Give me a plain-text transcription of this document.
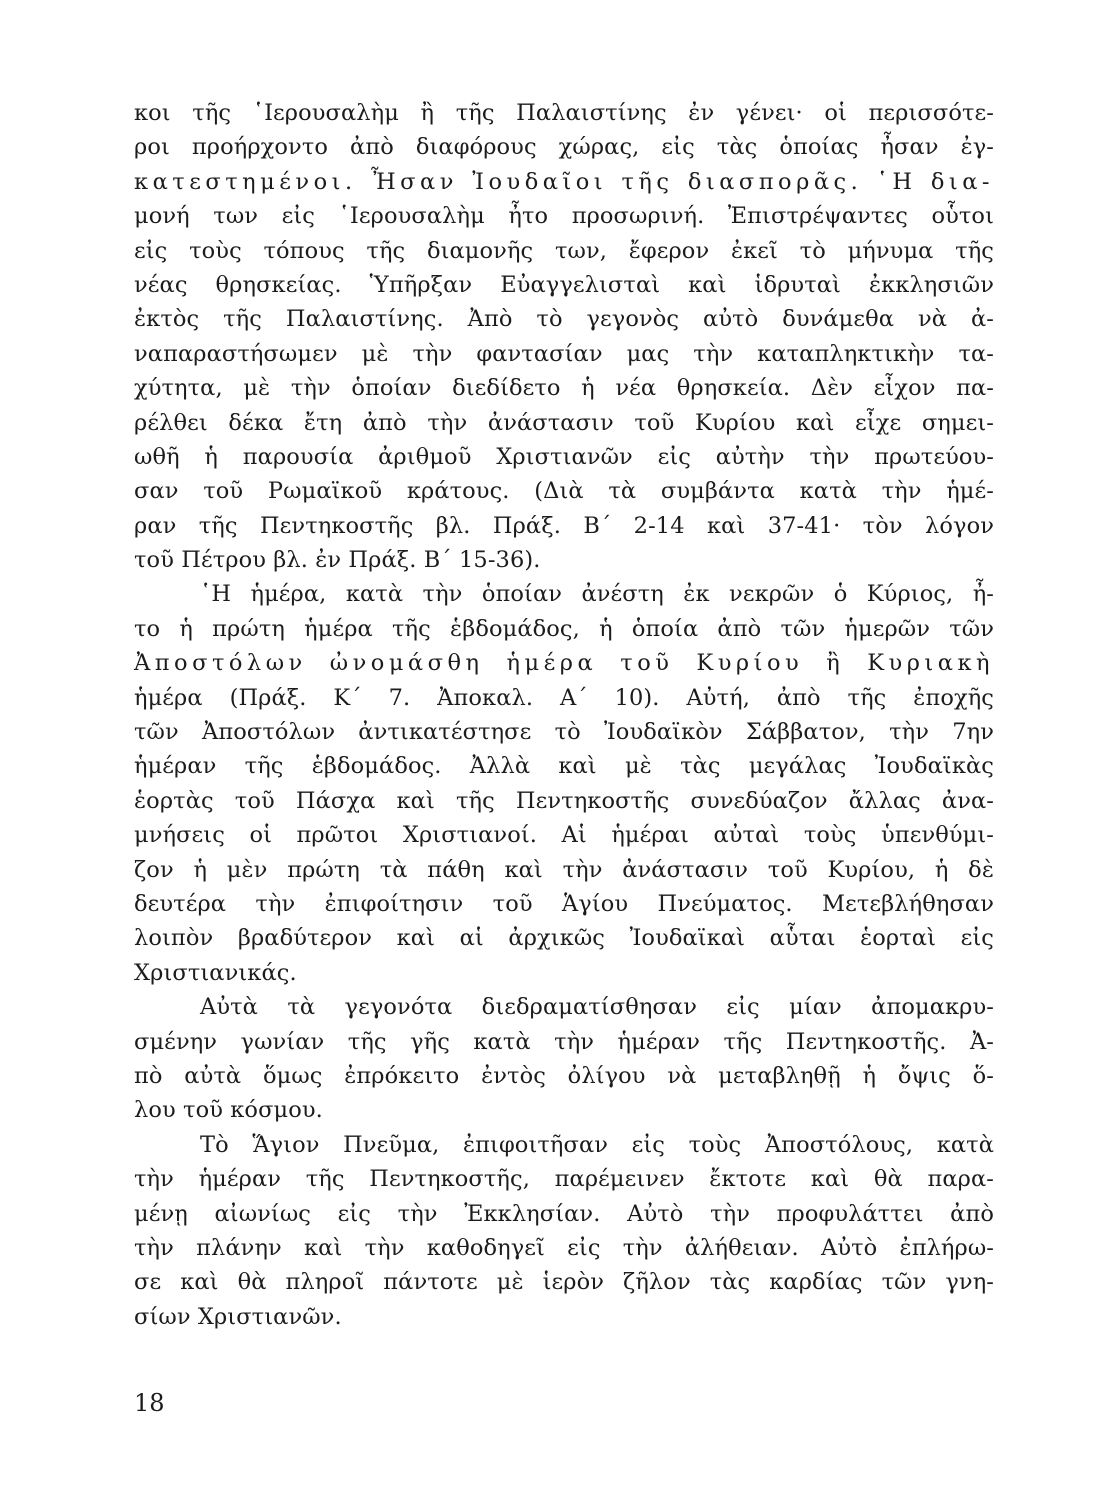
κοι τῆς ῾Ιερουσαλὴμ ἢ τῆς Παλαιστίνης ἐν γένει· οἱ περισσότε-
ροι προήρχοντο ἀπὸ διαφόρους χώρας, εἰς τὰς ὁποίας ἦσαν ἐγ-
κατεστημένοι. Ἦσαν Ἰουδαῖοι τῆς διασπορᾶς. ῾Η δια-
μονή των εἰς ῾Ιερουσαλὴμ ἦτο προσωρινή. Ἐπιστρέψαντες οὗτοι
εἰς τοὺς τόπους τῆς διαμονῆς των, ἔφερον ἐκεῖ τὸ μήνυμα τῆς
νέας θρησκείας. Ὑπῆρξαν Εὐαγγελισταὶ καὶ ἱδρυταὶ ἐκκλησιῶν
ἐκτὸς τῆς Παλαιστίνης. Ἀπὸ τὸ γεγονὸς αὐτὸ δυνάμεθα νὰ ἀ-
ναπαραστήσωμεν μὲ τὴν φαντασίαν μας τὴν καταπληκτικὴν τα-
χύτητα, μὲ τὴν ὁποίαν διεδίδετο ἡ νέα θρησκεία. Δὲν εἶχον πα-
ρέλθει δέκα ἔτη ἀπὸ τὴν ἀνάστασιν τοῦ Κυρίου καὶ εἶχε σημει-
ωθῆ ἡ παρουσία ἀριθμοῦ Χριστιανῶν εἰς αὐτὴν τὴν πρωτεύου-
σαν τοῦ Ρωμαϊκοῦ κράτους. (Διὰ τὰ συμβάντα κατὰ τὴν ἡμέ-
ραν τῆς Πεντηκοστῆς βλ. Πράξ. Β΄ 2-14 καὶ 37-41· τὸν λόγον
τοῦ Πέτρου βλ. ἐν Πράξ. Β΄ 15-36).
῾Η ἡμέρα, κατὰ τὴν ὁποίαν ἀνέστη ἐκ νεκρῶν ὁ Κύριος, ἦ-
το ἡ πρώτη ἡμέρα τῆς ἑβδομάδος, ἡ ὁποία ἀπὸ τῶν ἡμερῶν τῶν
Ἀποστόλων ὠνομάσθη ἡμέρα τοῦ Κυρίου ἢ Κυριακὴ
ἡμέρα (Πράξ. Κ΄ 7. Ἀποκαλ. Α΄ 10). Αὐτή, ἀπὸ τῆς ἐποχῆς
τῶν Ἀποστόλων ἀντικατέστησε τὸ Ἰουδαϊκὸν Σάββατον, τὴν 7ην
ἡμέραν τῆς ἑβδομάδος. Ἀλλὰ καὶ μὲ τὰς μεγάλας Ἰουδαϊκὰς
ἑορτὰς τοῦ Πάσχα καὶ τῆς Πεντηκοστῆς συνεδύαζον ἄλλας ἀνα-
μνήσεις οἱ πρῶτοι Χριστιανοί. Αἱ ἡμέραι αὐταὶ τοὺς ὑπενθύμι-
ζον ἡ μὲν πρώτη τὰ πάθη καὶ τὴν ἀνάστασιν τοῦ Κυρίου, ἡ δὲ
δευτέρα τὴν ἐπιφοίτησιν τοῦ Ἁγίου Πνεύματος. Μετεβλήθησαν
λοιπὸν βραδύτερον καὶ αἱ ἀρχικῶς Ἰουδαϊκαὶ αὗται ἑορταὶ εἰς
Χριστιανικάς.
Αὐτὰ τὰ γεγονότα διεδραματίσθησαν εἰς μίαν ἀπομακρυ-
σμένην γωνίαν τῆς γῆς κατὰ τὴν ἡμέραν τῆς Πεντηκοστῆς. Ἀ-
πὸ αὐτὰ ὅμως ἐπρόκειτο ἐντὸς ὀλίγου νὰ μεταβληθῇ ἡ ὄψις ὅ-
λου τοῦ κόσμου.
Τὸ Ἅγιον Πνεῦμα, ἐπιφοιτῆσαν εἰς τοὺς Ἀποστόλους, κατὰ
τὴν ἡμέραν τῆς Πεντηκοστῆς, παρέμεινεν ἔκτοτε καὶ θὰ παρα-
μένῃ αἰωνίως εἰς τὴν Ἐκκλησίαν. Αὐτὸ τὴν προφυλάττει ἀπὸ
τὴν πλάνην καὶ τὴν καθοδηγεῖ εἰς τὴν ἀλήθειαν. Αὐτὸ ἐπλήρω-
σε καὶ θὰ πληροῖ πάντοτε μὲ ἱερὸν ζῆλον τὰς καρδίας τῶν γνη-
σίων Χριστιανῶν.
18
